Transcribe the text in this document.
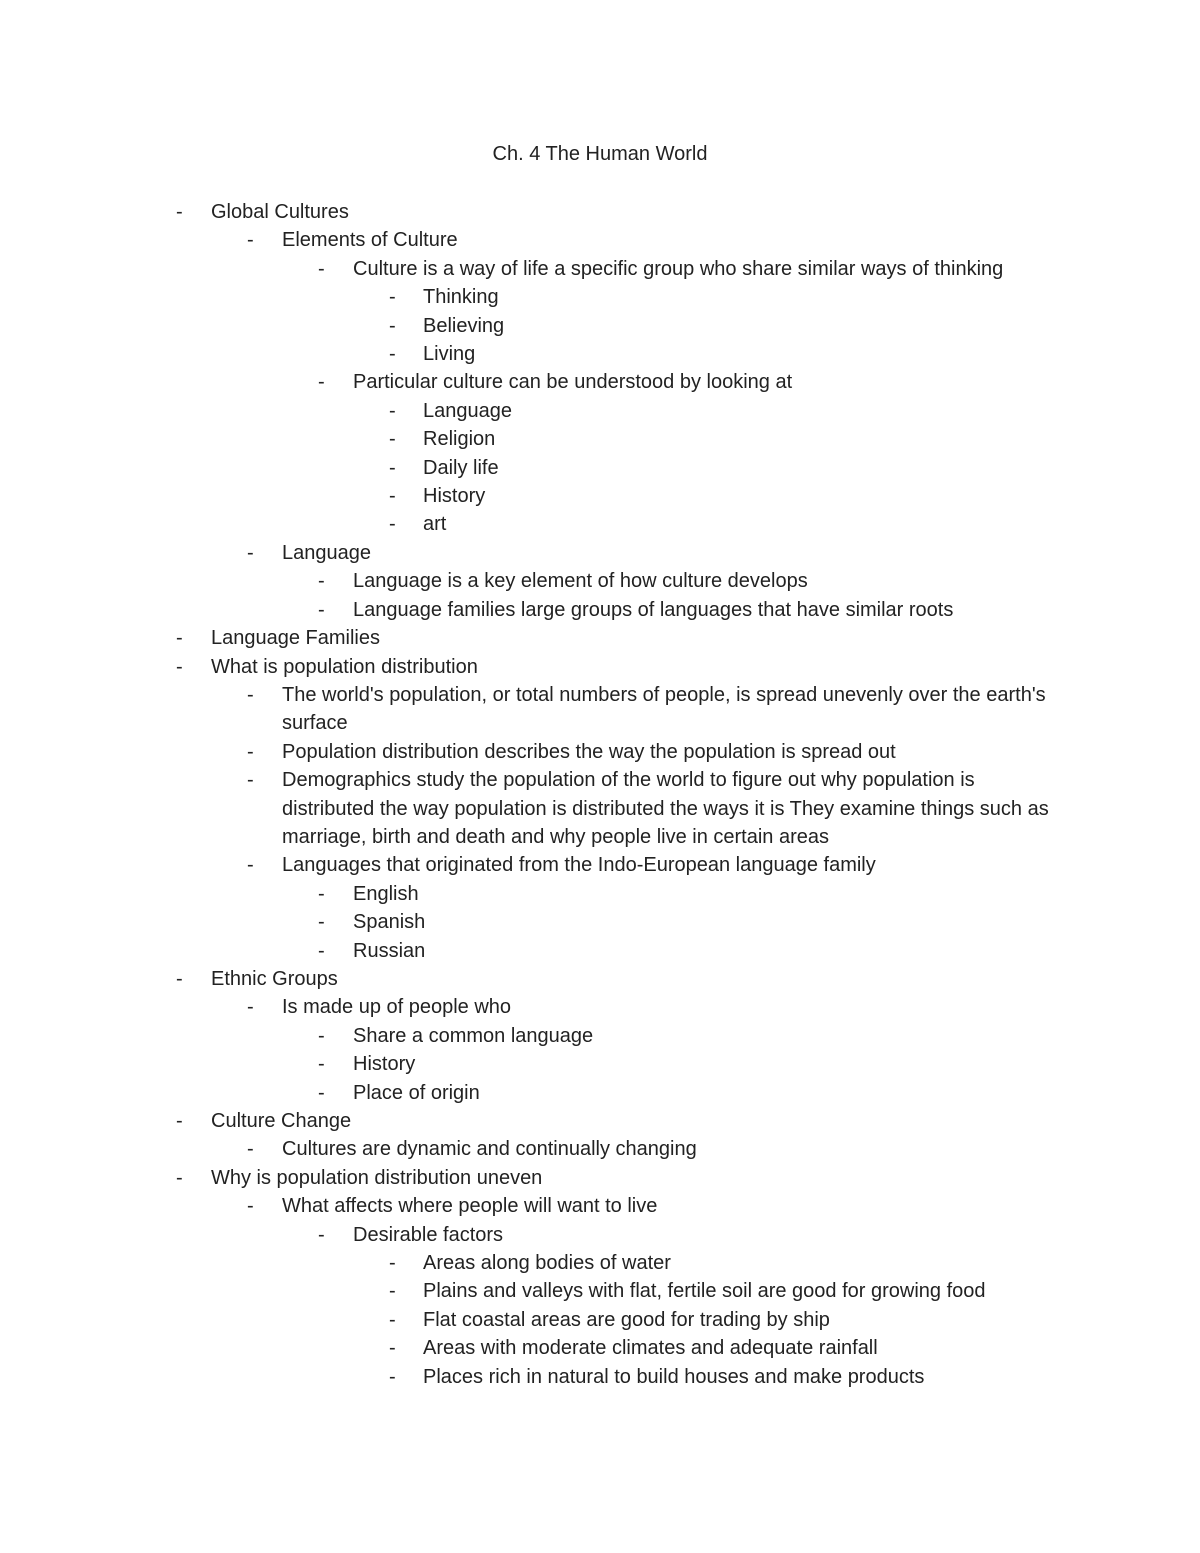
Ch. 4 The Human World
-	Global Cultures
-	Elements of Culture
-	Culture is a way of life a specific group who share similar ways of thinking
-	Thinking
-	Believing
-	Living
-	Particular culture can be understood by looking at
-	Language
-	Religion
-	Daily life
-	History
-	art
-	Language
-	Language is a key element of how culture develops
-	Language families large groups of languages that have similar roots
-	Language Families
-	What is population distribution
-	The world's population, or total numbers of people, is spread unevenly over the earth's surface
-	Population distribution describes the way the population is spread out
-	Demographics study the population of the world to figure out why population is distributed the way population is distributed the ways it is They examine things such as marriage, birth and death and why people live in certain areas
-	Languages that originated from the Indo-European language family
-	English
-	Spanish
-	Russian
-	Ethnic Groups
-	Is made up of people who
-	Share a common language
-	History
-	Place of origin
-	Culture Change
-	Cultures are dynamic and continually changing
-	Why is population distribution uneven
-	What affects where people will want to live
-	Desirable factors
-	Areas along bodies of water
-	Plains and valleys with flat, fertile soil are good for growing food
-	Flat coastal areas are good for trading by ship
-	Areas with moderate climates and adequate rainfall
-	Places rich in natural to build houses and make products
